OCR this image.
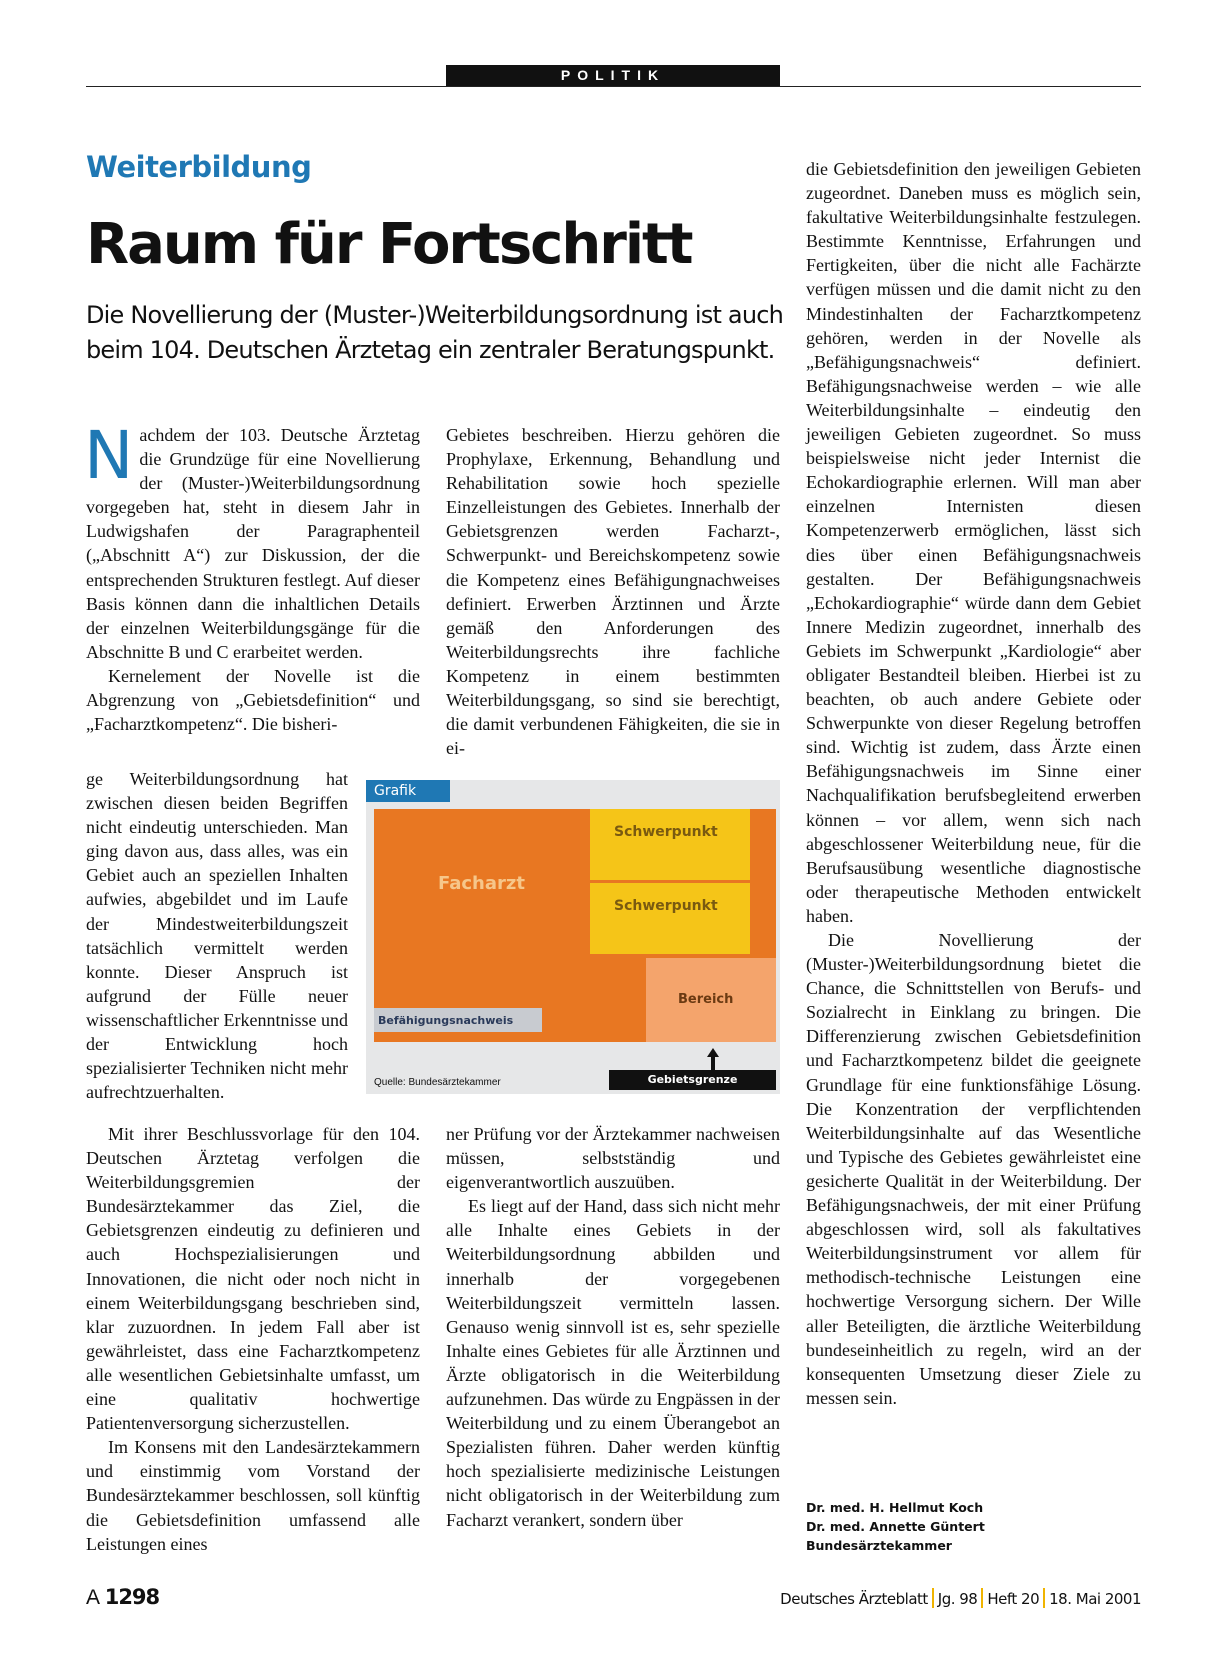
POLITIK
Weiterbildung
Raum für Fortschritt
Die Novellierung der (Muster-)Weiterbildungsordnung ist auch
beim 104. Deutschen Ärztetag ein zentraler Beratungspunkt.

Nachdem der 103. Deutsche Ärztetag die Grundzüge für eine Novellierung der (Muster-)Weiterbildungsordnung vorgegeben hat, steht in diesem Jahr in Ludwigshafen der Paragraphenteil („Abschnitt A“) zur Diskussion, der die entsprechenden Strukturen festlegt. Auf dieser Basis können dann die inhaltlichen Details der einzelnen Weiterbildungsgänge für die Abschnitte B und C erarbeitet werden.

Kernelement der Novelle ist die Abgrenzung von „Gebietsdefinition“ und „Facharztkompetenz“. Die bisheri-

ge Weiterbildungsordnung hat zwischen diesen beiden Begriffen nicht eindeutig unterschieden. Man ging davon aus, dass alles, was ein Gebiet auch an speziellen Inhalten aufwies, abgebildet und im Laufe der Mindestweiterbildungszeit tatsächlich vermittelt werden konnte. Dieser Anspruch ist aufgrund der Fülle neuer wissenschaftlicher Erkenntnisse und der Entwicklung hoch spezialisierter Techniken nicht mehr aufrechtzuerhalten.

Mit ihrer Beschlussvorlage für den 104. Deutschen Ärztetag verfolgen die Weiterbildungsgremien der Bundesärztekammer das Ziel, die Gebietsgrenzen eindeutig zu definieren und auch Hochspezialisierungen und Innovationen, die nicht oder noch nicht in einem Weiterbildungsgang beschrieben sind, klar zuzuordnen. In jedem Fall aber ist gewährleistet, dass eine Facharztkompetenz alle wesentlichen Gebietsinhalte umfasst, um eine qualitativ hochwertige Patientenversorgung sicherzustellen.

Im Konsens mit den Landesärztekammern und einstimmig vom Vorstand der Bundesärztekammer beschlossen, soll künftig die Gebietsdefinition umfassend alle Leistungen eines

Gebietes beschreiben. Hierzu gehören die Prophylaxe, Erkennung, Behandlung und Rehabilitation sowie hoch spezielle Einzelleistungen des Gebietes. Innerhalb der Gebietsgrenzen werden Facharzt-, Schwerpunkt- und Bereichskompetenz sowie die Kompetenz eines Befähigungnachweises definiert. Erwerben Ärztinnen und Ärzte gemäß den Anforderungen des Weiterbildungsrechts ihre fachliche Kompetenz in einem bestimmten Weiterbildungsgang, so sind sie berechtigt, die damit verbundenen Fähigkeiten, die sie in ei-

ner Prüfung vor der Ärztekammer nachweisen müssen, selbstständig und eigenverantwortlich auszuüben.

Es liegt auf der Hand, dass sich nicht mehr alle Inhalte eines Gebiets in der Weiterbildungsordnung abbilden und innerhalb der vorgegebenen Weiterbildungszeit vermitteln lassen. Genauso wenig sinnvoll ist es, sehr spezielle Inhalte eines Gebietes für alle Ärztinnen und Ärzte obligatorisch in die Weiterbildung aufzunehmen. Das würde zu Engpässen in der Weiterbildung und zu einem Überangebot an Spezialisten führen. Daher werden künftig hoch spezialisierte medizinische Leistungen nicht obligatorisch in der Weiterbildung zum Facharzt verankert, sondern über

Facharzt
Schwerpunkt
Schwerpunkt
Bereich
Befähigungsnachweis
Gebietsgrenze
Grafik
Quelle: Bundesärztekammer

die Gebietsdefinition den jeweiligen Gebieten zugeordnet. Daneben muss es möglich sein, fakultative Weiterbildungsinhalte festzulegen. Bestimmte Kenntnisse, Erfahrungen und Fertigkeiten, über die nicht alle Fachärzte verfügen müssen und die damit nicht zu den Mindestinhalten der Facharztkompetenz gehören, werden in der Novelle als „Befähigungsnachweis“ definiert. Befähigungsnachweise werden – wie alle Weiterbildungsinhalte – eindeutig den jeweiligen Gebieten zugeordnet. So muss beispielsweise nicht jeder Internist die Echokardiographie erlernen. Will man aber einzelnen Internisten diesen Kompetenzerwerb ermöglichen, lässt sich dies über einen Befähigungsnachweis gestalten. Der Befähigungsnachweis „Echokardiographie“ würde dann dem Gebiet Innere Medizin zugeordnet, innerhalb des Gebiets im Schwerpunkt „Kardiologie“ aber obligater Bestandteil bleiben. Hierbei ist zu beachten, ob auch andere Gebiete oder Schwerpunkte von dieser Regelung betroffen sind. Wichtig ist zudem, dass Ärzte einen Befähigungsnachweis im Sinne einer Nachqualifikation berufsbegleitend erwerben können – vor allem, wenn sich nach abgeschlossener Weiterbildung neue, für die Berufsausübung wesentliche diagnostische oder therapeutische Methoden entwickelt haben.

Die Novellierung der (Muster-)Weiterbildungsordnung bietet die Chance, die Schnittstellen von Berufs- und Sozialrecht in Einklang zu bringen. Die Differenzierung zwischen Gebietsdefinition und Facharztkompetenz bildet die geeignete Grundlage für eine funktionsfähige Lösung. Die Konzentration der verpflichtenden Weiterbildungsinhalte auf das Wesentliche und Typische des Gebietes gewährleistet eine gesicherte Qualität in der Weiterbildung. Der Befähigungsnachweis, der mit einer Prüfung abgeschlossen wird, soll als fakultatives Weiterbildungsinstrument vor allem für methodisch-technische Leistungen eine hochwertige Versorgung sichern. Der Wille aller Beteiligten, die ärztliche Weiterbildung bundeseinheitlich zu regeln, wird an der konsequenten Umsetzung dieser Ziele zu messen sein.

Dr. med. H. Hellmut Koch
Dr. med. Annette Güntert
Bundesärztekammer
A 1298	Deutsches Ärzteblatt Jg. 98 Heft 20 18. Mai 2001
